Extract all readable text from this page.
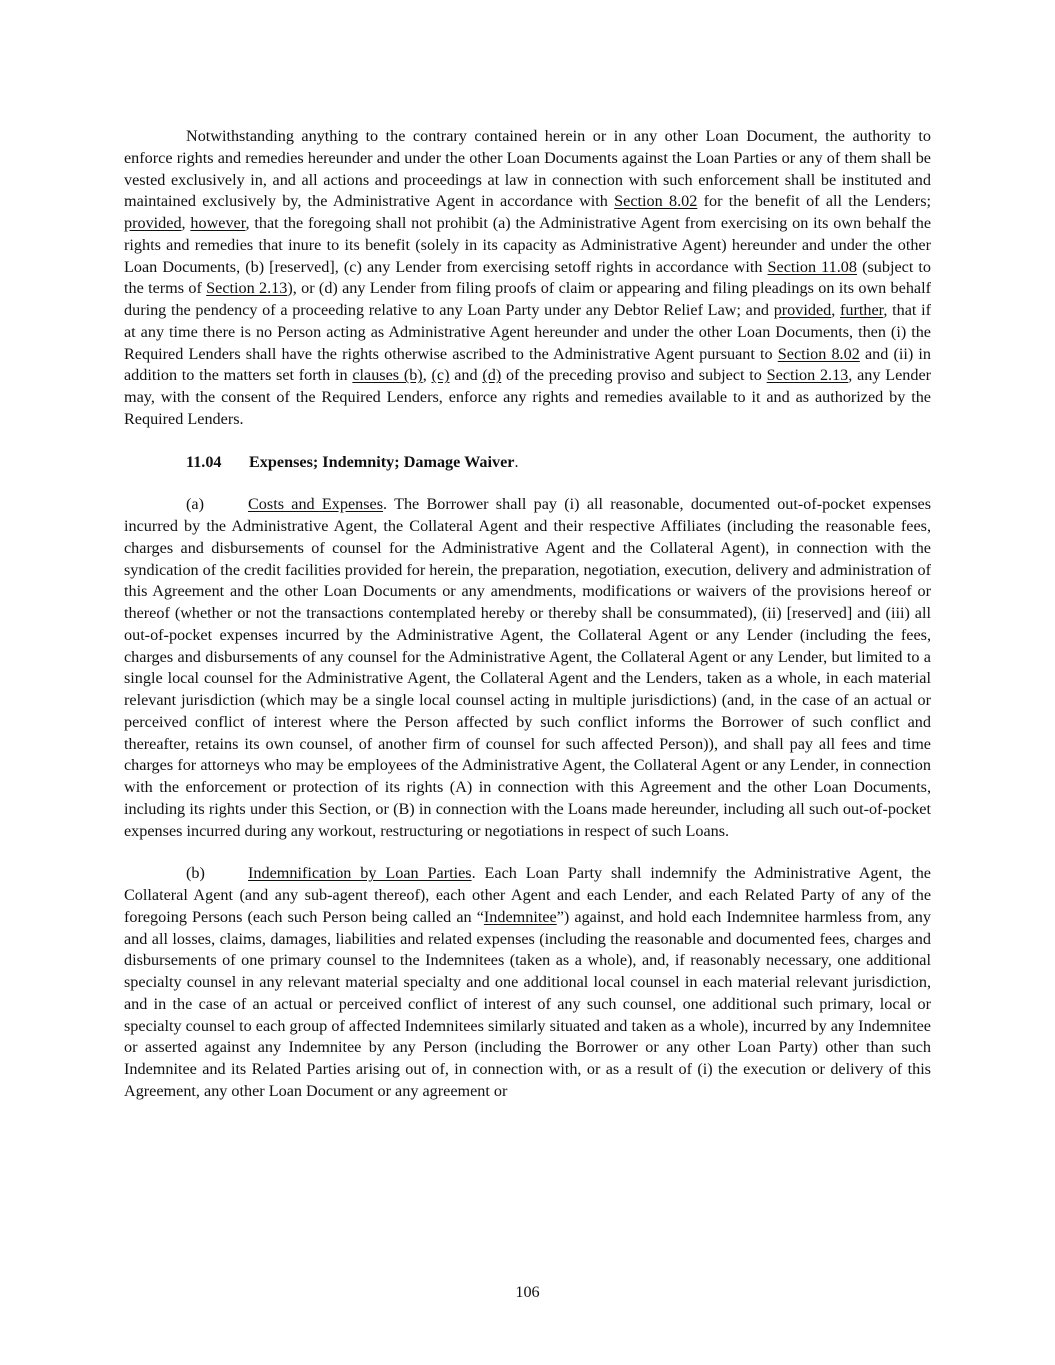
Notwithstanding anything to the contrary contained herein or in any other Loan Document, the authority to enforce rights and remedies hereunder and under the other Loan Documents against the Loan Parties or any of them shall be vested exclusively in, and all actions and proceedings at law in connection with such enforcement shall be instituted and maintained exclusively by, the Administrative Agent in accordance with Section 8.02 for the benefit of all the Lenders; provided, however, that the foregoing shall not prohibit (a) the Administrative Agent from exercising on its own behalf the rights and remedies that inure to its benefit (solely in its capacity as Administrative Agent) hereunder and under the other Loan Documents, (b) [reserved], (c) any Lender from exercising setoff rights in accordance with Section 11.08 (subject to the terms of Section 2.13), or (d) any Lender from filing proofs of claim or appearing and filing pleadings on its own behalf during the pendency of a proceeding relative to any Loan Party under any Debtor Relief Law; and provided, further, that if at any time there is no Person acting as Administrative Agent hereunder and under the other Loan Documents, then (i) the Required Lenders shall have the rights otherwise ascribed to the Administrative Agent pursuant to Section 8.02 and (ii) in addition to the matters set forth in clauses (b), (c) and (d) of the preceding proviso and subject to Section 2.13, any Lender may, with the consent of the Required Lenders, enforce any rights and remedies available to it and as authorized by the Required Lenders.

11.04 Expenses; Indemnity; Damage Waiver.

(a)	Costs and Expenses. The Borrower shall pay (i) all reasonable, documented out-of-pocket expenses incurred by the Administrative Agent, the Collateral Agent and their respective Affiliates (including the reasonable fees, charges and disbursements of counsel for the Administrative Agent and the Collateral Agent), in connection with the syndication of the credit facilities provided for herein, the preparation, negotiation, execution, delivery and administration of this Agreement and the other Loan Documents or any amendments, modifications or waivers of the provisions hereof or thereof (whether or not the transactions contemplated hereby or thereby shall be consummated), (ii) [reserved] and (iii) all out-of-pocket expenses incurred by the Administrative Agent, the Collateral Agent or any Lender (including the fees, charges and disbursements of any counsel for the Administrative Agent, the Collateral Agent or any Lender, but limited to a single local counsel for the Administrative Agent, the Collateral Agent and the Lenders, taken as a whole, in each material relevant jurisdiction (which may be a single local counsel acting in multiple jurisdictions) (and, in the case of an actual or perceived conflict of interest where the Person affected by such conflict informs the Borrower of such conflict and thereafter, retains its own counsel, of another firm of counsel for such affected Person)), and shall pay all fees and time charges for attorneys who may be employees of the Administrative Agent, the Collateral Agent or any Lender, in connection with the enforcement or protection of its rights (A) in connection with this Agreement and the other Loan Documents, including its rights under this Section, or (B) in connection with the Loans made hereunder, including all such out-of-pocket expenses incurred during any workout, restructuring or negotiations in respect of such Loans.

(b)	Indemnification by Loan Parties. Each Loan Party shall indemnify the Administrative Agent, the Collateral Agent (and any sub-agent thereof), each other Agent and each Lender, and each Related Party of any of the foregoing Persons (each such Person being called an “Indemnitee”) against, and hold each Indemnitee harmless from, any and all losses, claims, damages, liabilities and related expenses (including the reasonable and documented fees, charges and disbursements of one primary counsel to the Indemnitees (taken as a whole), and, if reasonably necessary, one additional specialty counsel in any relevant material specialty and one additional local counsel in each material relevant jurisdiction, and in the case of an actual or perceived conflict of interest of any such counsel, one additional such primary, local or specialty counsel to each group of affected Indemnitees similarly situated and taken as a whole), incurred by any Indemnitee or asserted against any Indemnitee by any Person (including the Borrower or any other Loan Party) other than such Indemnitee and its Related Parties arising out of, in connection with, or as a result of (i) the execution or delivery of this Agreement, any other Loan Document or any agreement or

106
